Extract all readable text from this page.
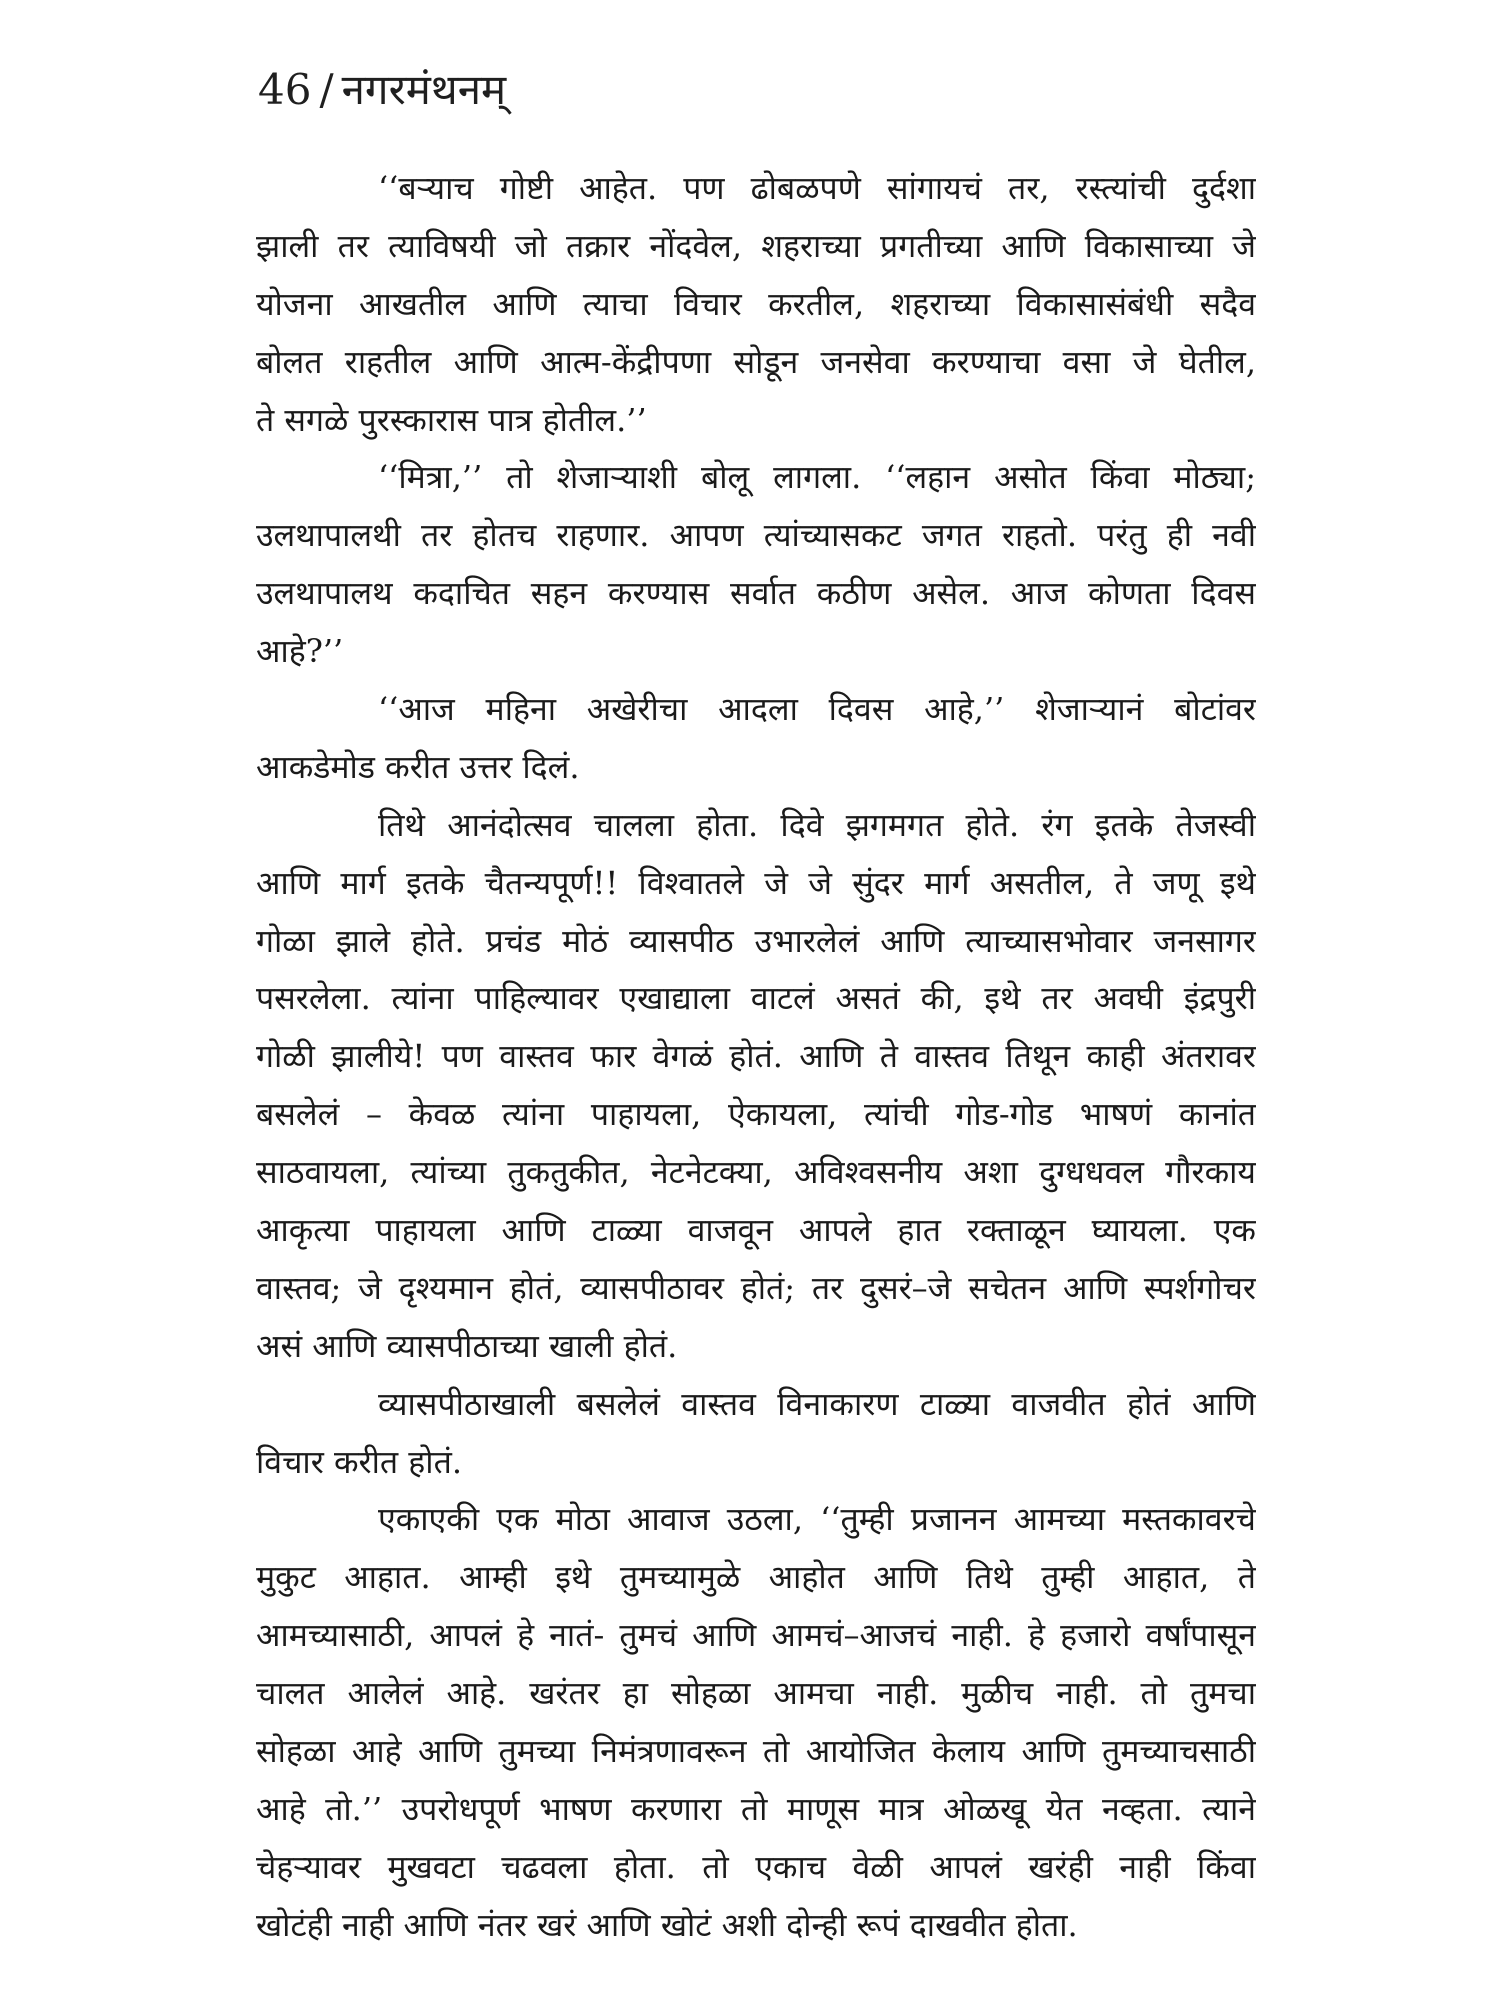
46 / नगरमंथनम्

‘‘बऱ्याच गोष्टी आहेत. पण ढोबळपणे सांगायचं तर, रस्त्यांची दुर्दशा
झाली तर त्याविषयी जो तक्रार नोंदवेल, शहराच्या प्रगतीच्या आणि विकासाच्या जे
योजना आखतील आणि त्याचा विचार करतील, शहराच्या विकासासंबंधी सदैव
बोलत राहतील आणि आत्म-केंद्रीपणा सोडून जनसेवा करण्याचा वसा जे घेतील,
ते सगळे पुरस्कारास पात्र होतील.’’

‘‘मित्रा,’’ तो शेजाऱ्याशी बोलू लागला. ‘‘लहान असोत किंवा मोठ्या;
उलथापालथी तर होतच राहणार. आपण त्यांच्यासकट जगत राहतो. परंतु ही नवी
उलथापालथ कदाचित सहन करण्यास सर्वात कठीण असेल. आज कोणता दिवस
आहे?’’

‘‘आज महिना अखेरीचा आदला दिवस आहे,’’ शेजाऱ्यानं बोटांवर
आकडेमोड करीत उत्तर दिलं.

तिथे आनंदोत्सव चालला होता. दिवे झगमगत होते. रंग इतके तेजस्वी
आणि मार्ग इतके चैतन्यपूर्ण!! विश्वातले जे जे सुंदर मार्ग असतील, ते जणू इथे
गोळा झाले होते. प्रचंड मोठं व्यासपीठ उभारलेलं आणि त्याच्यासभोवार जनसागर
पसरलेला. त्यांना पाहिल्यावर एखाद्याला वाटलं असतं की, इथे तर अवघी इंद्रपुरी
गोळी झालीये! पण वास्तव फार वेगळं होतं. आणि ते वास्तव तिथून काही अंतरावर
बसलेलं – केवळ त्यांना पाहायला, ऐकायला, त्यांची गोड-गोड भाषणं कानांत
साठवायला, त्यांच्या तुकतुकीत, नेटनेटक्या, अविश्वसनीय अशा दुग्धधवल गौरकाय
आकृत्या पाहायला आणि टाळ्या वाजवून आपले हात रक्ताळून घ्यायला. एक
वास्तव; जे दृश्यमान होतं, व्यासपीठावर होतं; तर दुसरं–जे सचेतन आणि स्पर्शगोचर
असं आणि व्यासपीठाच्या खाली होतं.

व्यासपीठाखाली बसलेलं वास्तव विनाकारण टाळ्या वाजवीत होतं आणि
विचार करीत होतं.

एकाएकी एक मोठा आवाज उठला, ‘‘तुम्ही प्रजानन आमच्या मस्तकावरचे
मुकुट आहात. आम्ही इथे तुमच्यामुळे आहोत आणि तिथे तुम्ही आहात, ते
आमच्यासाठी, आपलं हे नातं- तुमचं आणि आमचं–आजचं नाही. हे हजारो वर्षांपासून
चालत आलेलं आहे. खरंतर हा सोहळा आमचा नाही. मुळीच नाही. तो तुमचा
सोहळा आहे आणि तुमच्या निमंत्रणावरून तो आयोजित केलाय आणि तुमच्याचसाठी
आहे तो.’’ उपरोधपूर्ण भाषण करणारा तो माणूस मात्र ओळखू येत नव्हता. त्याने
चेहऱ्यावर मुखवटा चढवला होता. तो एकाच वेळी आपलं खरंही नाही किंवा
खोटंही नाही आणि नंतर खरं आणि खोटं अशी दोन्ही रूपं दाखवीत होता.
